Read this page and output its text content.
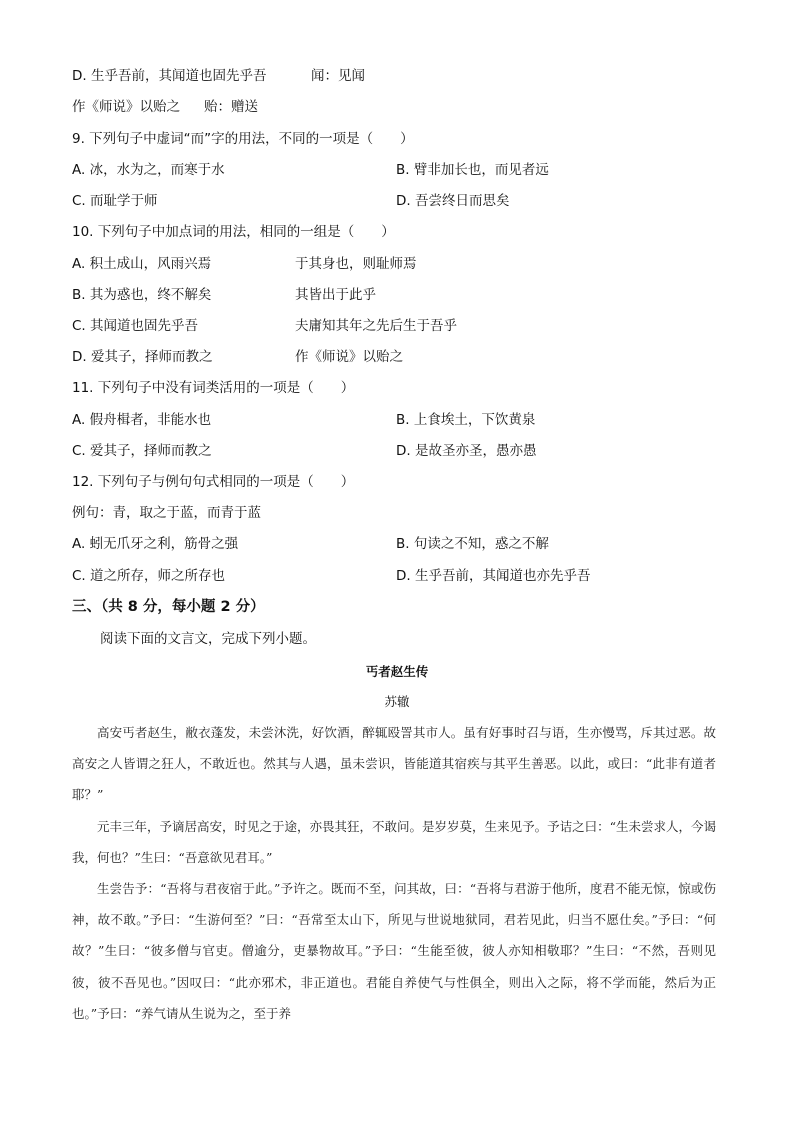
D. 生乎吾前，其闻道也固先乎吾	闻：见闻
作《师说》以贻之 贻：赠送
9. 下列句子中虚词“而”字的用法，不同的一项是（　　）
A. 冰，水为之，而寒于水	B. 臂非加长也，而见者远
C. 而耻学于师	D. 吾尝终日而思矣
10. 下列句子中加点词的用法，相同的一组是（　　）
A. 积土成山，风雨兴焉	于其身也，则耻师焉
B. 其为惑也，终不解矣	其皆出于此乎
C. 其闻道也固先乎吾	夫庸知其年之先后生于吾乎
D. 爱其子，择师而教之	作《师说》以贻之
11. 下列句子中没有词类活用的一项是（　　）
A. 假舟楫者，非能水也	B. 上食埃土，下饮黄泉
C. 爱其子，择师而教之	D. 是故圣亦圣，愚亦愚
12. 下列句子与例句句式相同的一项是（　　）
例句：青，取之于蓝，而青于蓝
A. 蚓无爪牙之利，筋骨之强	B. 句读之不知，惑之不解
C. 道之所存，师之所存也	D. 生乎吾前，其闻道也亦先乎吾
三、（共 8 分，每小题 2 分）
阅读下面的文言文，完成下列小题。
丐者赵生传
苏辙

高安丐者赵生，敝衣蓬发，未尝沐洗，好饮酒，醉辄殴詈其市人。虽有好事时召与语，生亦慢骂，斥其过恶。故高安之人皆谓之狂人，不敢近也。然其与人遇，虽未尝识，皆能道其宿疾与其平生善恶。以此，或曰：“此非有道者耶？”

元丰三年，予谪居高安，时见之于途，亦畏其狂，不敢问。是岁岁莫，生来见予。予诘之曰：“生未尝求人，今谒我，何也？”生曰：“吾意欲见君耳。”

生尝告予：“吾将与君夜宿于此。”予许之。既而不至，问其故，曰：“吾将与君游于他所，度君不能无惊，惊或伤神，故不敢。”予曰：“生游何至？”曰：“吾常至太山下，所见与世说地狱同，君若见此，归当不愿仕矣。”予曰：“何故？”生曰：“彼多僧与官吏。僧逾分，吏暴物故耳。”予曰：“生能至彼，彼人亦知相敬耶？”生曰：“不然，吾则见彼，彼不吾见也。”因叹曰：“此亦邪术，非正道也。君能自养使气与性俱全，则出入之际，将不学而能，然后为正也。”予曰：“养气请从生说为之，至于养
